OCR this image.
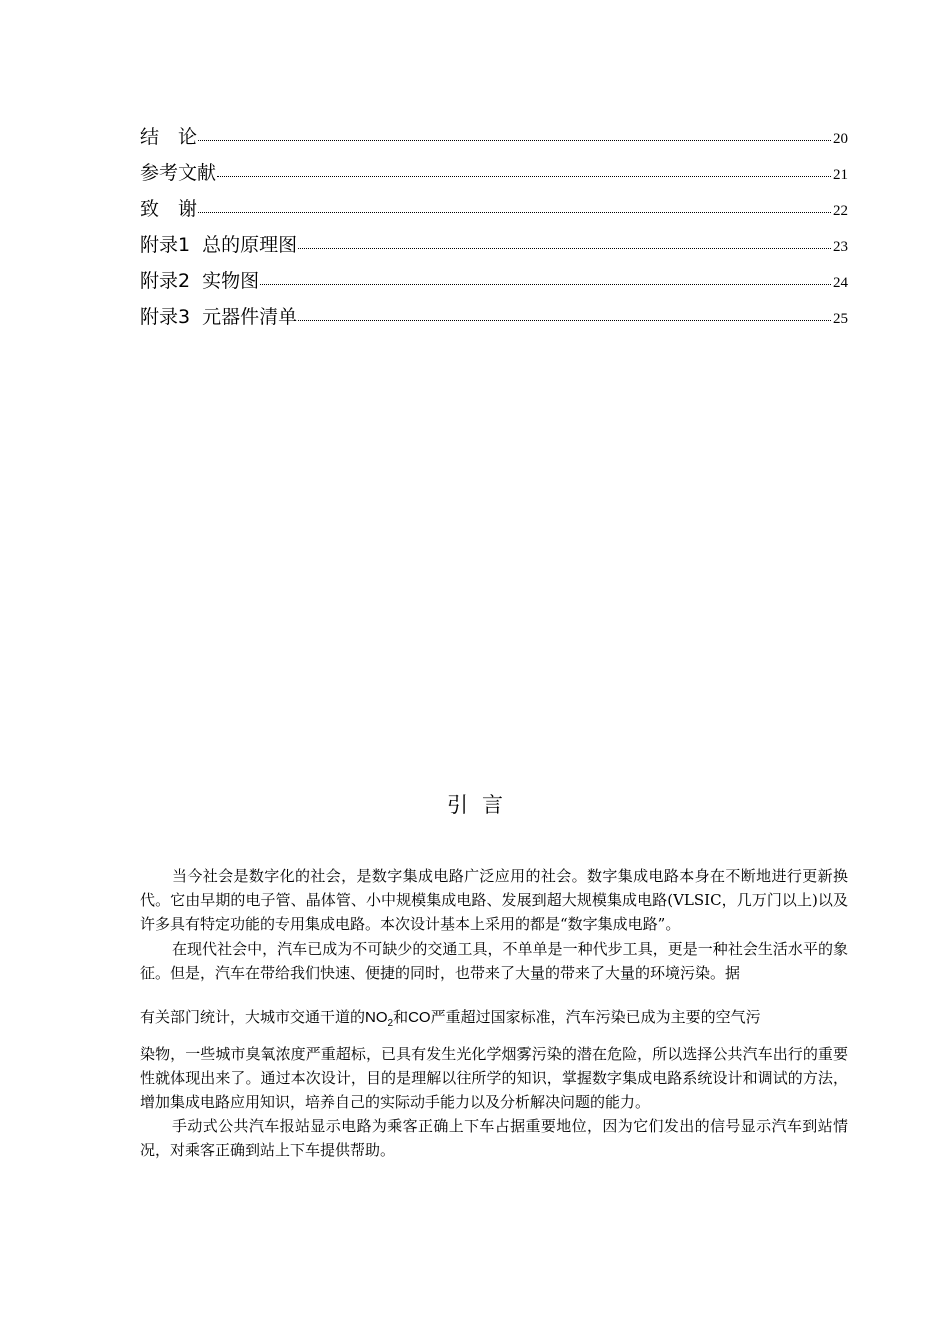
结　论	20
参考文献	21
致　谢	22
附录1  总的原理图	23
附录2  实物图	24
附录3  元器件清单	25
引言

当今社会是数字化的社会，是数字集成电路广泛应用的社会。数字集成电路本身在不断地进行更新换代。它由早期的电子管、晶体管、小中规模集成电路、发展到超大规模集成电路(VLSIC，几万门以上)以及许多具有特定功能的专用集成电路。本次设计基本上采用的都是“数字集成电路”。

在现代社会中，汽车已成为不可缺少的交通工具，不单单是一种代步工具，更是一种社会生活水平的象征。但是，汽车在带给我们快速、便捷的同时，也带来了大量的带来了大量的环境污染。据

有关部门统计，大城市交通干道的$NO_2$和CO严重超过国家标准，汽车污染已成为主要的空气污

染物，一些城市臭氧浓度严重超标，已具有发生光化学烟雾污染的潜在危险，所以选择公共汽车出行的重要性就体现出来了。通过本次设计，目的是理解以往所学的知识，掌握数字集成电路系统设计和调试的方法，增加集成电路应用知识，培养自己的实际动手能力以及分析解决问题的能力。

手动式公共汽车报站显示电路为乘客正确上下车占据重要地位，因为它们发出的信号显示汽车到站情况，对乘客正确到站上下车提供帮助。
